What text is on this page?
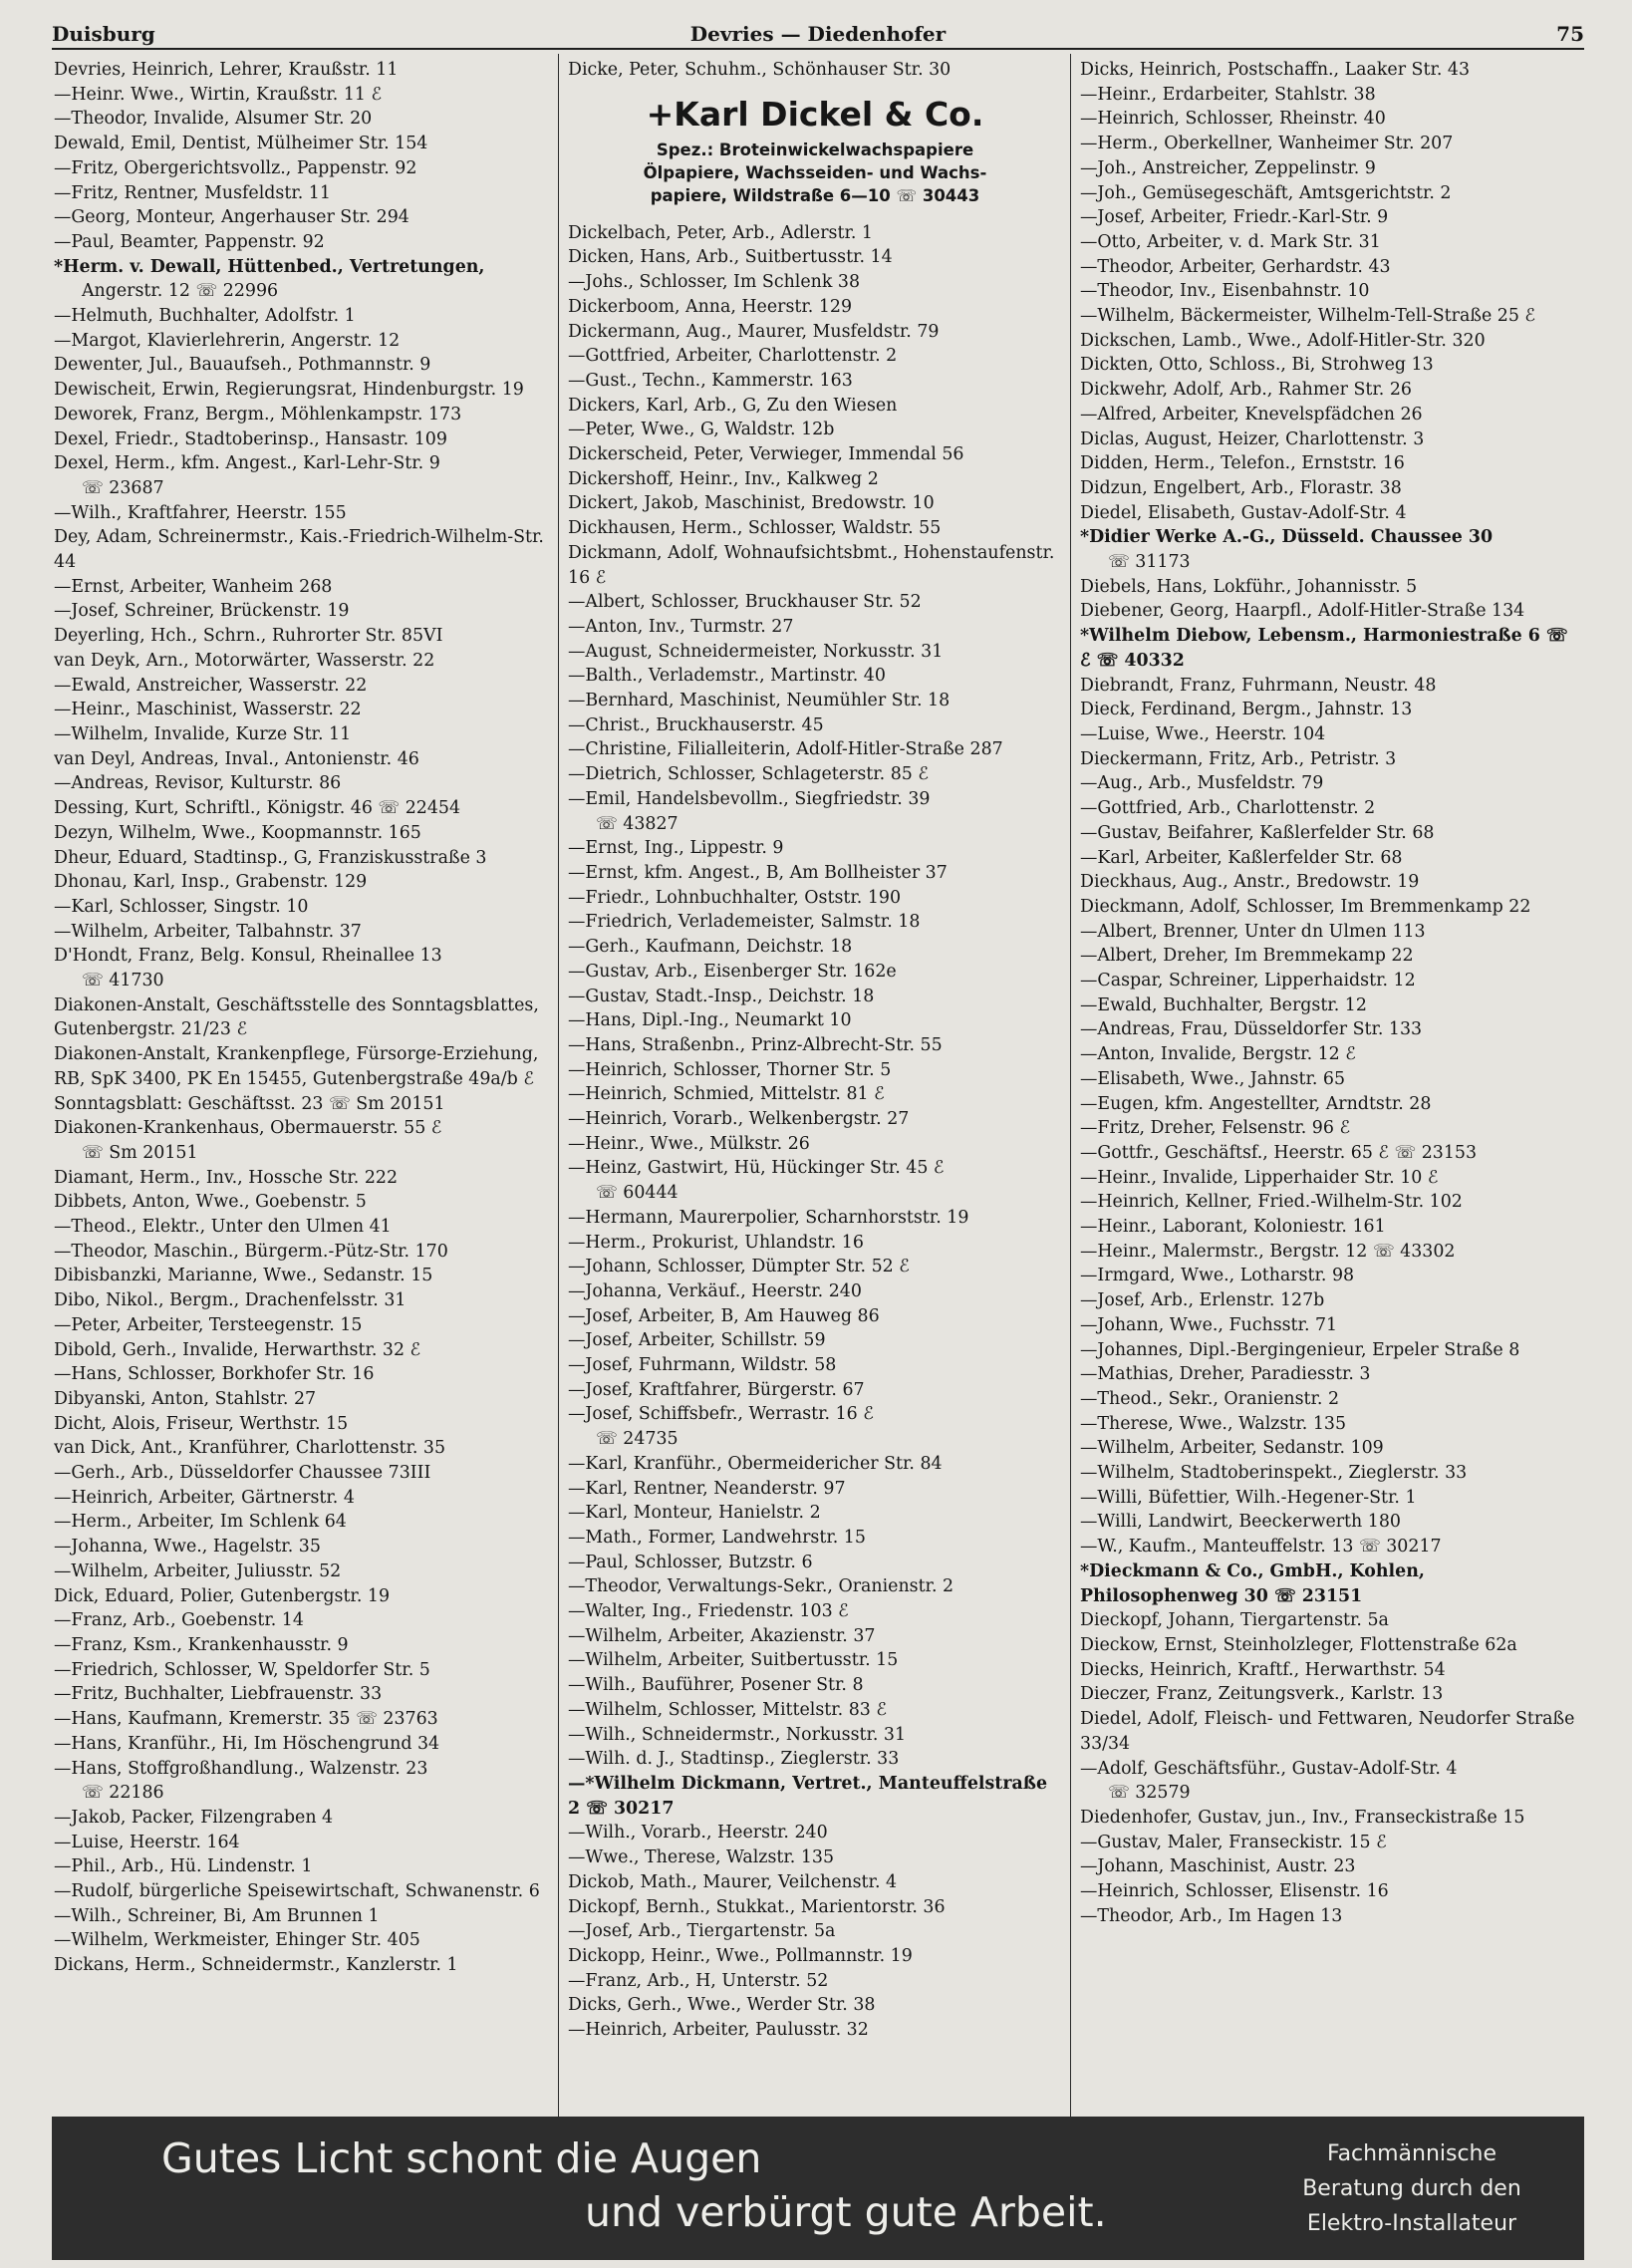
Duisburg	Devries — Diedenhofer	75
Devries, Heinrich, Lehrer, Kraußstr. 11
—Heinr. Wwe., Wirtin, Kraußstr. 11 ℰ
—Theodor, Invalide, Alsumer Str. 20
Dewald, Emil, Dentist, Mülheimer Str. 154
—Fritz, Obergerichtsvollz., Pappenstr. 92
—Fritz, Rentner, Musfeldstr. 11
—Georg, Monteur, Angerhauser Str. 294
—Paul, Beamter, Pappenstr. 92
*Herm. v. Dewall, Hüttenbed., Vertretungen,
Angerstr. 12 ☏ 22996
—Helmuth, Buchhalter, Adolfstr. 1
—Margot, Klavierlehrerin, Angerstr. 12
Dewenter, Jul., Bauaufseh., Pothmannstr. 9
Dewischeit, Erwin, Regierungsrat, Hindenburgstr. 19
Deworek, Franz, Bergm., Möhlenkampstr. 173
Dexel, Friedr., Stadtoberinsp., Hansastr. 109
Dexel, Herm., kfm. Angest., Karl-Lehr-Str. 9
☏ 23687
—Wilh., Kraftfahrer, Heerstr. 155
Dey, Adam, Schreinermstr., Kais.-Friedrich-Wilhelm-Str. 44
—Ernst, Arbeiter, Wanheim 268
—Josef, Schreiner, Brückenstr. 19
Deyerling, Hch., Schrn., Ruhrorter Str. 85VI
van Deyk, Arn., Motorwärter, Wasserstr. 22
—Ewald, Anstreicher, Wasserstr. 22
—Heinr., Maschinist, Wasserstr. 22
—Wilhelm, Invalide, Kurze Str. 11
van Deyl, Andreas, Inval., Antonienstr. 46
—Andreas, Revisor, Kulturstr. 86
Dessing, Kurt, Schriftl., Königstr. 46 ☏ 22454
Dezyn, Wilhelm, Wwe., Koopmannstr. 165
Dheur, Eduard, Stadtinsp., G, Franziskusstraße 3
Dhonau, Karl, Insp., Grabenstr. 129
—Karl, Schlosser, Singstr. 10
—Wilhelm, Arbeiter, Talbahnstr. 37
D'Hondt, Franz, Belg. Konsul, Rheinallee 13
☏ 41730
Diakonen-Anstalt, Geschäftsstelle des Sonntagsblattes, Gutenbergstr. 21/23 ℰ
Diakonen-Anstalt, Krankenpflege, Fürsorge-Erziehung, RB, SpK 3400, PK En 15455, Gutenbergstraße 49a/b ℰ Sonntagsblatt: Geschäftsst. 23 ☏ Sm 20151
Diakonen-Krankenhaus, Obermauerstr. 55 ℰ
☏ Sm 20151
Diamant, Herm., Inv., Hossche Str. 222
Dibbets, Anton, Wwe., Goebenstr. 5
—Theod., Elektr., Unter den Ulmen 41
—Theodor, Maschin., Bürgerm.-Pütz-Str. 170
Dibisbanzki, Marianne, Wwe., Sedanstr. 15
Dibo, Nikol., Bergm., Drachenfelsstr. 31
—Peter, Arbeiter, Tersteegenstr. 15
Dibold, Gerh., Invalide, Herwarthstr. 32 ℰ
—Hans, Schlosser, Borkhofer Str. 16
Dibyanski, Anton, Stahlstr. 27
Dicht, Alois, Friseur, Werthstr. 15
van Dick, Ant., Kranführer, Charlottenstr. 35
—Gerh., Arb., Düsseldorfer Chaussee 73III
—Heinrich, Arbeiter, Gärtnerstr. 4
—Herm., Arbeiter, Im Schlenk 64
—Johanna, Wwe., Hagelstr. 35
—Wilhelm, Arbeiter, Juliusstr. 52
Dick, Eduard, Polier, Gutenbergstr. 19
—Franz, Arb., Goebenstr. 14
—Franz, Ksm., Krankenhausstr. 9
—Friedrich, Schlosser, W, Speldorfer Str. 5
—Fritz, Buchhalter, Liebfrauenstr. 33
—Hans, Kaufmann, Kremerstr. 35 ☏ 23763
—Hans, Kranführ., Hi, Im Höschengrund 34
—Hans, Stoffgroßhandlung., Walzenstr. 23
☏ 22186
—Jakob, Packer, Filzengraben 4
—Luise, Heerstr. 164
—Phil., Arb., Hü. Lindenstr. 1
—Rudolf, bürgerliche Speisewirtschaft, Schwanenstr. 6
—Wilh., Schreiner, Bi, Am Brunnen 1
—Wilhelm, Werkmeister, Ehinger Str. 405
Dickans, Herm., Schneidermstr., Kanzlerstr. 1
Dicke, Peter, Schuhm., Schönhauser Str. 30
+Karl Dickel & Co.
Spez.: Broteinwickelwachspapiere
Ölpapiere, Wachsseiden- und Wachs-
papiere, Wildstraße 6—10 ☏ 30443
Dickelbach, Peter, Arb., Adlerstr. 1
Dicken, Hans, Arb., Suitbertusstr. 14
—Johs., Schlosser, Im Schlenk 38
Dickerboom, Anna, Heerstr. 129
Dickermann, Aug., Maurer, Musfeldstr. 79
—Gottfried, Arbeiter, Charlottenstr. 2
—Gust., Techn., Kammerstr. 163
Dickers, Karl, Arb., G, Zu den Wiesen
—Peter, Wwe., G, Waldstr. 12b
Dickerscheid, Peter, Verwieger, Immendal 56
Dickershoff, Heinr., Inv., Kalkweg 2
Dickert, Jakob, Maschinist, Bredowstr. 10
Dickhausen, Herm., Schlosser, Waldstr. 55
Dickmann, Adolf, Wohnaufsichtsbmt., Hohenstaufenstr. 16 ℰ
—Albert, Schlosser, Bruckhauser Str. 52
—Anton, Inv., Turmstr. 27
—August, Schneidermeister, Norkusstr. 31
—Balth., Verlademstr., Martinstr. 40
—Bernhard, Maschinist, Neumühler Str. 18
—Christ., Bruckhauserstr. 45
—Christine, Filialleiterin, Adolf-Hitler-Straße 287
—Dietrich, Schlosser, Schlageterstr. 85 ℰ
—Emil, Handelsbevollm., Siegfriedstr. 39
☏ 43827
—Ernst, Ing., Lippestr. 9
—Ernst, kfm. Angest., B, Am Bollheister 37
—Friedr., Lohnbuchhalter, Oststr. 190
—Friedrich, Verlademeister, Salmstr. 18
—Gerh., Kaufmann, Deichstr. 18
—Gustav, Arb., Eisenberger Str. 162e
—Gustav, Stadt.-Insp., Deichstr. 18
—Hans, Dipl.-Ing., Neumarkt 10
—Hans, Straßenbn., Prinz-Albrecht-Str. 55
—Heinrich, Schlosser, Thorner Str. 5
—Heinrich, Schmied, Mittelstr. 81 ℰ
—Heinrich, Vorarb., Welkenbergstr. 27
—Heinr., Wwe., Mülkstr. 26
—Heinz, Gastwirt, Hü, Hückinger Str. 45 ℰ
☏ 60444
—Hermann, Maurerpolier, Scharnhorststr. 19
—Herm., Prokurist, Uhlandstr. 16
—Johann, Schlosser, Dümpter Str. 52 ℰ
—Johanna, Verkäuf., Heerstr. 240
—Josef, Arbeiter, B, Am Hauweg 86
—Josef, Arbeiter, Schillstr. 59
—Josef, Fuhrmann, Wildstr. 58
—Josef, Kraftfahrer, Bürgerstr. 67
—Josef, Schiffsbefr., Werrastr. 16 ℰ
☏ 24735
—Karl, Kranführ., Obermeidericher Str. 84
—Karl, Rentner, Neanderstr. 97
—Karl, Monteur, Hanielstr. 2
—Math., Former, Landwehrstr. 15
—Paul, Schlosser, Butzstr. 6
—Theodor, Verwaltungs-Sekr., Oranienstr. 2
—Walter, Ing., Friedenstr. 103 ℰ
—Wilhelm, Arbeiter, Akazienstr. 37
—Wilhelm, Arbeiter, Suitbertusstr. 15
—Wilh., Bauführer, Posener Str. 8
—Wilhelm, Schlosser, Mittelstr. 83 ℰ
—Wilh., Schneidermstr., Norkusstr. 31
—Wilh. d. J., Stadtinsp., Zieglerstr. 33
—*Wilhelm Dickmann, Vertret., Manteuffelstraße 2 ☏ 30217
—Wilh., Vorarb., Heerstr. 240
—Wwe., Therese, Walzstr. 135
Dickob, Math., Maurer, Veilchenstr. 4
Dickopf, Bernh., Stukkat., Marientorstr. 36
—Josef, Arb., Tiergartenstr. 5a
Dickopp, Heinr., Wwe., Pollmannstr. 19
—Franz, Arb., H, Unterstr. 52
Dicks, Gerh., Wwe., Werder Str. 38
—Heinrich, Arbeiter, Paulusstr. 32
Dicks, Heinrich, Postschaffn., Laaker Str. 43
—Heinr., Erdarbeiter, Stahlstr. 38
—Heinrich, Schlosser, Rheinstr. 40
—Herm., Oberkellner, Wanheimer Str. 207
—Joh., Anstreicher, Zeppelinstr. 9
—Joh., Gemüsegeschäft, Amtsgerichtstr. 2
—Josef, Arbeiter, Friedr.-Karl-Str. 9
—Otto, Arbeiter, v. d. Mark Str. 31
—Theodor, Arbeiter, Gerhardstr. 43
—Theodor, Inv., Eisenbahnstr. 10
—Wilhelm, Bäckermeister, Wilhelm-Tell-Straße 25 ℰ
Dickschen, Lamb., Wwe., Adolf-Hitler-Str. 320
Dickten, Otto, Schloss., Bi, Strohweg 13
Dickwehr, Adolf, Arb., Rahmer Str. 26
—Alfred, Arbeiter, Knevelspfädchen 26
Diclas, August, Heizer, Charlottenstr. 3
Didden, Herm., Telefon., Ernststr. 16
Didzun, Engelbert, Arb., Florastr. 38
Diedel, Elisabeth, Gustav-Adolf-Str. 4
*Didier Werke A.-G., Düsseld. Chaussee 30
☏ 31173
Diebels, Hans, Lokführ., Johannisstr. 5
Diebener, Georg, Haarpfl., Adolf-Hitler-Straße 134
*Wilhelm Diebow, Lebensm., Harmoniestraße 6 ☏ ℰ ☏ 40332
Diebrandt, Franz, Fuhrmann, Neustr. 48
Dieck, Ferdinand, Bergm., Jahnstr. 13
—Luise, Wwe., Heerstr. 104
Dieckermann, Fritz, Arb., Petristr. 3
—Aug., Arb., Musfeldstr. 79
—Gottfried, Arb., Charlottenstr. 2
—Gustav, Beifahrer, Kaßlerfelder Str. 68
—Karl, Arbeiter, Kaßlerfelder Str. 68
Dieckhaus, Aug., Anstr., Bredowstr. 19
Dieckmann, Adolf, Schlosser, Im Bremmenkamp 22
—Albert, Brenner, Unter dn Ulmen 113
—Albert, Dreher, Im Bremmekamp 22
—Caspar, Schreiner, Lipperhaidstr. 12
—Ewald, Buchhalter, Bergstr. 12
—Andreas, Frau, Düsseldorfer Str. 133
—Anton, Invalide, Bergstr. 12 ℰ
—Elisabeth, Wwe., Jahnstr. 65
—Eugen, kfm. Angestellter, Arndtstr. 28
—Fritz, Dreher, Felsenstr. 96 ℰ
—Gottfr., Geschäftsf., Heerstr. 65 ℰ ☏ 23153
—Heinr., Invalide, Lipperhaider Str. 10 ℰ
—Heinrich, Kellner, Fried.-Wilhelm-Str. 102
—Heinr., Laborant, Koloniestr. 161
—Heinr., Malermstr., Bergstr. 12 ☏ 43302
—Irmgard, Wwe., Lotharstr. 98
—Josef, Arb., Erlenstr. 127b
—Johann, Wwe., Fuchsstr. 71
—Johannes, Dipl.-Bergingenieur, Erpeler Straße 8
—Mathias, Dreher, Paradiesstr. 3
—Theod., Sekr., Oranienstr. 2
—Therese, Wwe., Walzstr. 135
—Wilhelm, Arbeiter, Sedanstr. 109
—Wilhelm, Stadtoberinspekt., Zieglerstr. 33
—Willi, Büfettier, Wilh.-Hegener-Str. 1
—Willi, Landwirt, Beeckerwerth 180
—W., Kaufm., Manteuffelstr. 13 ☏ 30217
*Dieckmann & Co., GmbH., Kohlen, Philosophenweg 30 ☏ 23151
Dieckopf, Johann, Tiergartenstr. 5a
Dieckow, Ernst, Steinholzleger, Flottenstraße 62a
Diecks, Heinrich, Kraftf., Herwarthstr. 54
Dieczer, Franz, Zeitungsverk., Karlstr. 13
Diedel, Adolf, Fleisch- und Fettwaren, Neudorfer Straße 33/34
—Adolf, Geschäftsführ., Gustav-Adolf-Str. 4
☏ 32579
Diedenhofer, Gustav, jun., Inv., Franseckistraße 15
—Gustav, Maler, Franseckistr. 15 ℰ
—Johann, Maschinist, Austr. 23
—Heinrich, Schlosser, Elisenstr. 16
—Theodor, Arb., Im Hagen 13
Gutes Licht schont die Augen
und verbürgt gute Arbeit.
Fachmännische
Beratung durch den
Elektro-Installateur
